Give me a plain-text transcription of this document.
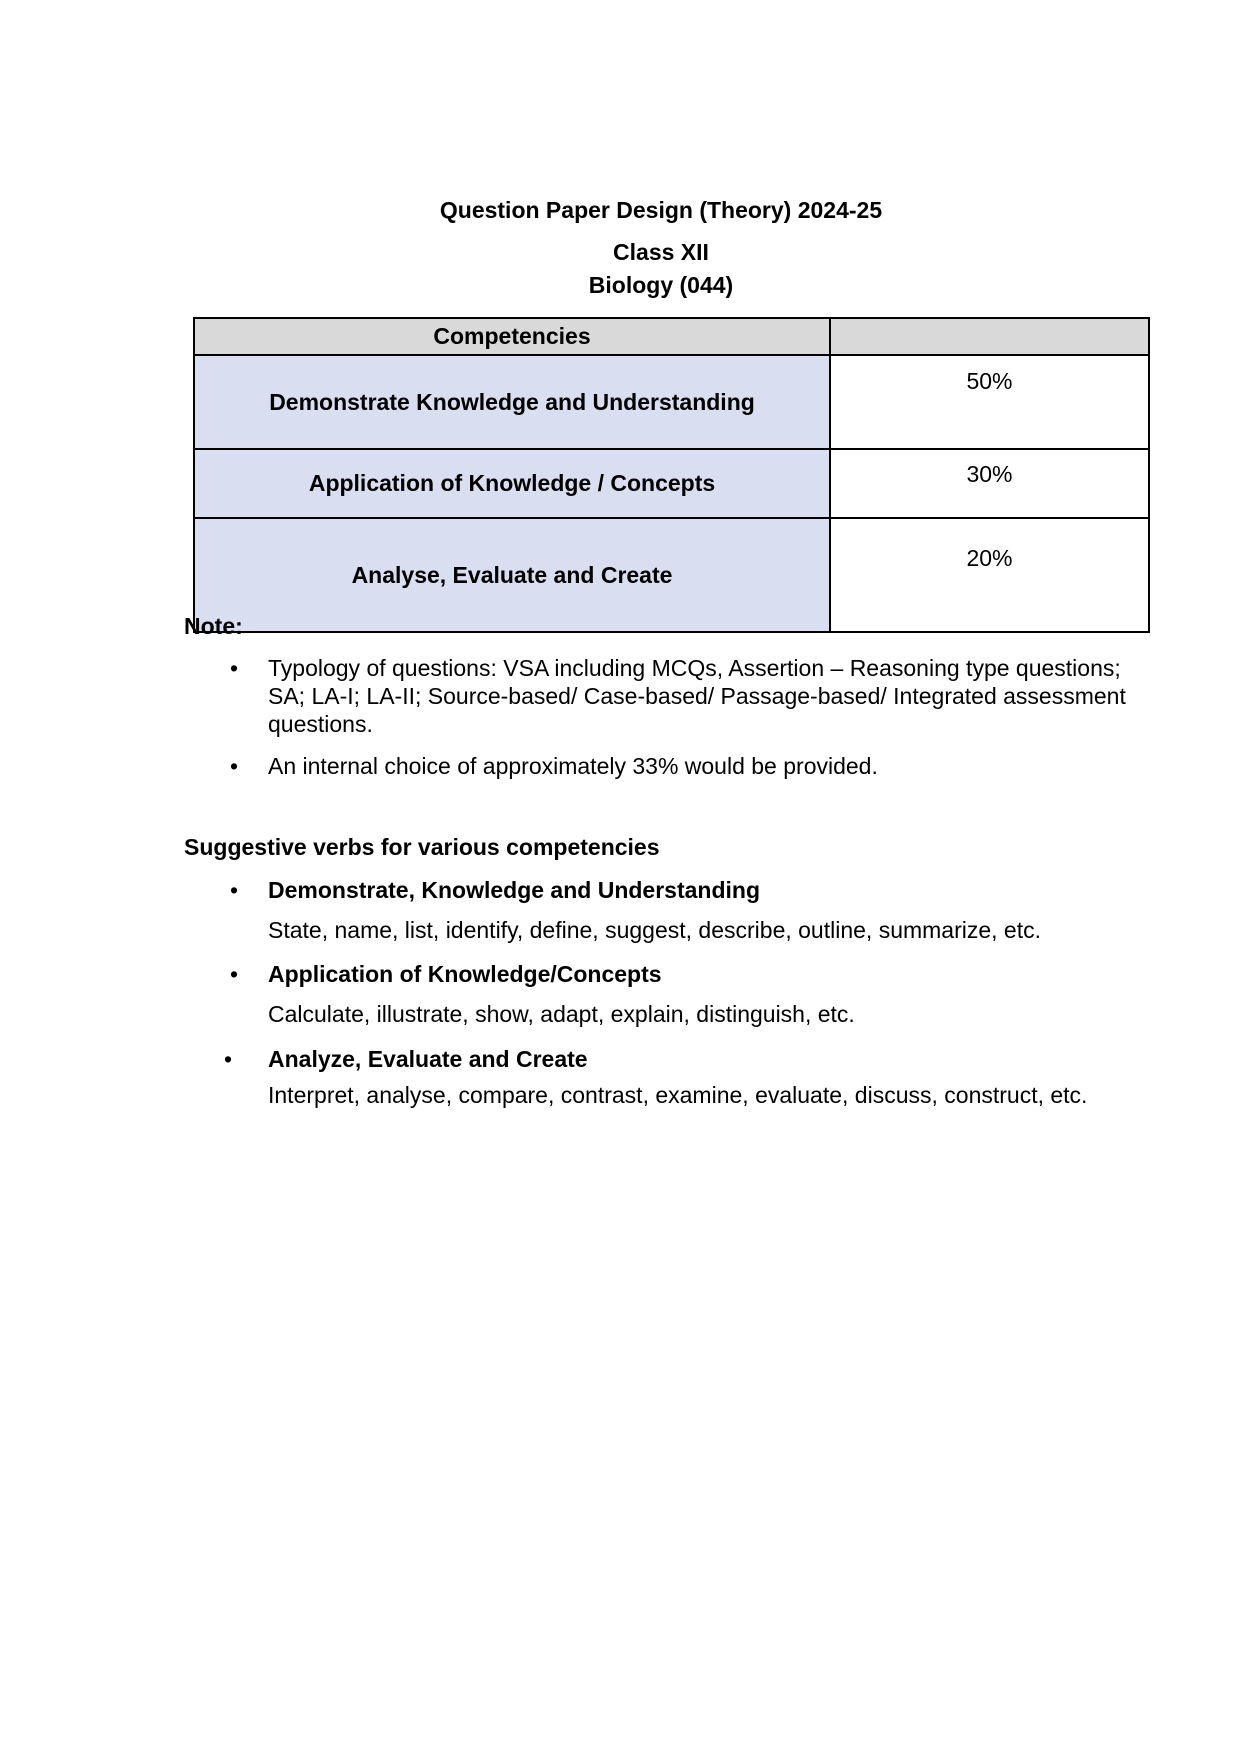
Question Paper Design (Theory) 2024-25
Class XII
Biology (044)
Competencies	
Demonstrate Knowledge and Understanding	50%
Application of Knowledge / Concepts	30%
Analyse, Evaluate and Create	20%
Note:
• Typology of questions: VSA including MCQs, Assertion – Reasoning type questions; SA; LA-I; LA-II; Source-based/ Case-based/ Passage-based/ Integrated assessment questions.
• An internal choice of approximately 33% would be provided.
Suggestive verbs for various competencies
• Demonstrate, Knowledge and Understanding
State, name, list, identify, define, suggest, describe, outline, summarize, etc.
• Application of Knowledge/Concepts
Calculate, illustrate, show, adapt, explain, distinguish, etc.
• Analyze, Evaluate and Create
Interpret, analyse, compare, contrast, examine, evaluate, discuss, construct, etc.
